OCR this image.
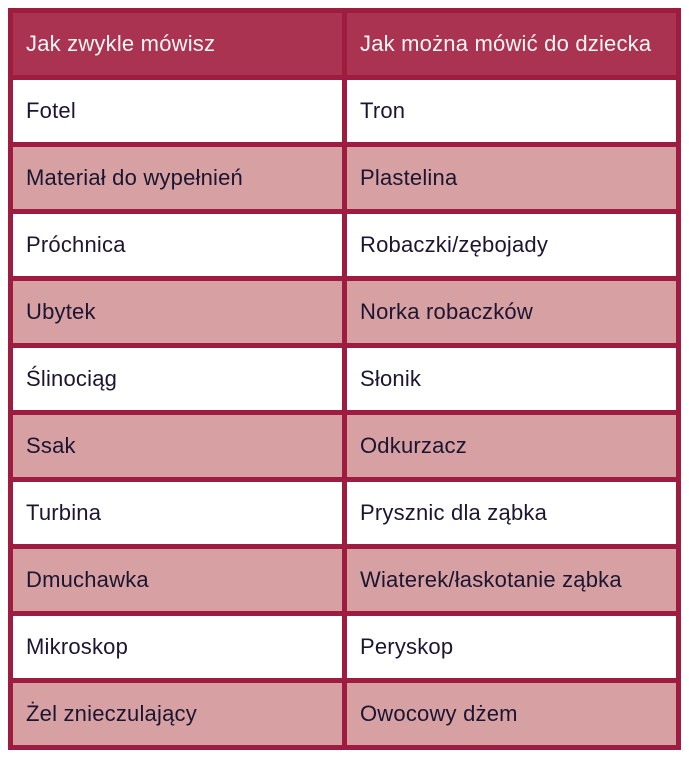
Jak zwykle mówisz	Jak można mówić do dziecka
Fotel	Tron
Materiał do wypełnień	Plastelina
Próchnica	Robaczki/zębojady
Ubytek	Norka robaczków
Ślinociąg	Słonik
Ssak	Odkurzacz
Turbina	Prysznic dla ząbka
Dmuchawka	Wiaterek/łaskotanie ząbka
Mikroskop	Peryskop
Żel znieczulający	Owocowy dżem
